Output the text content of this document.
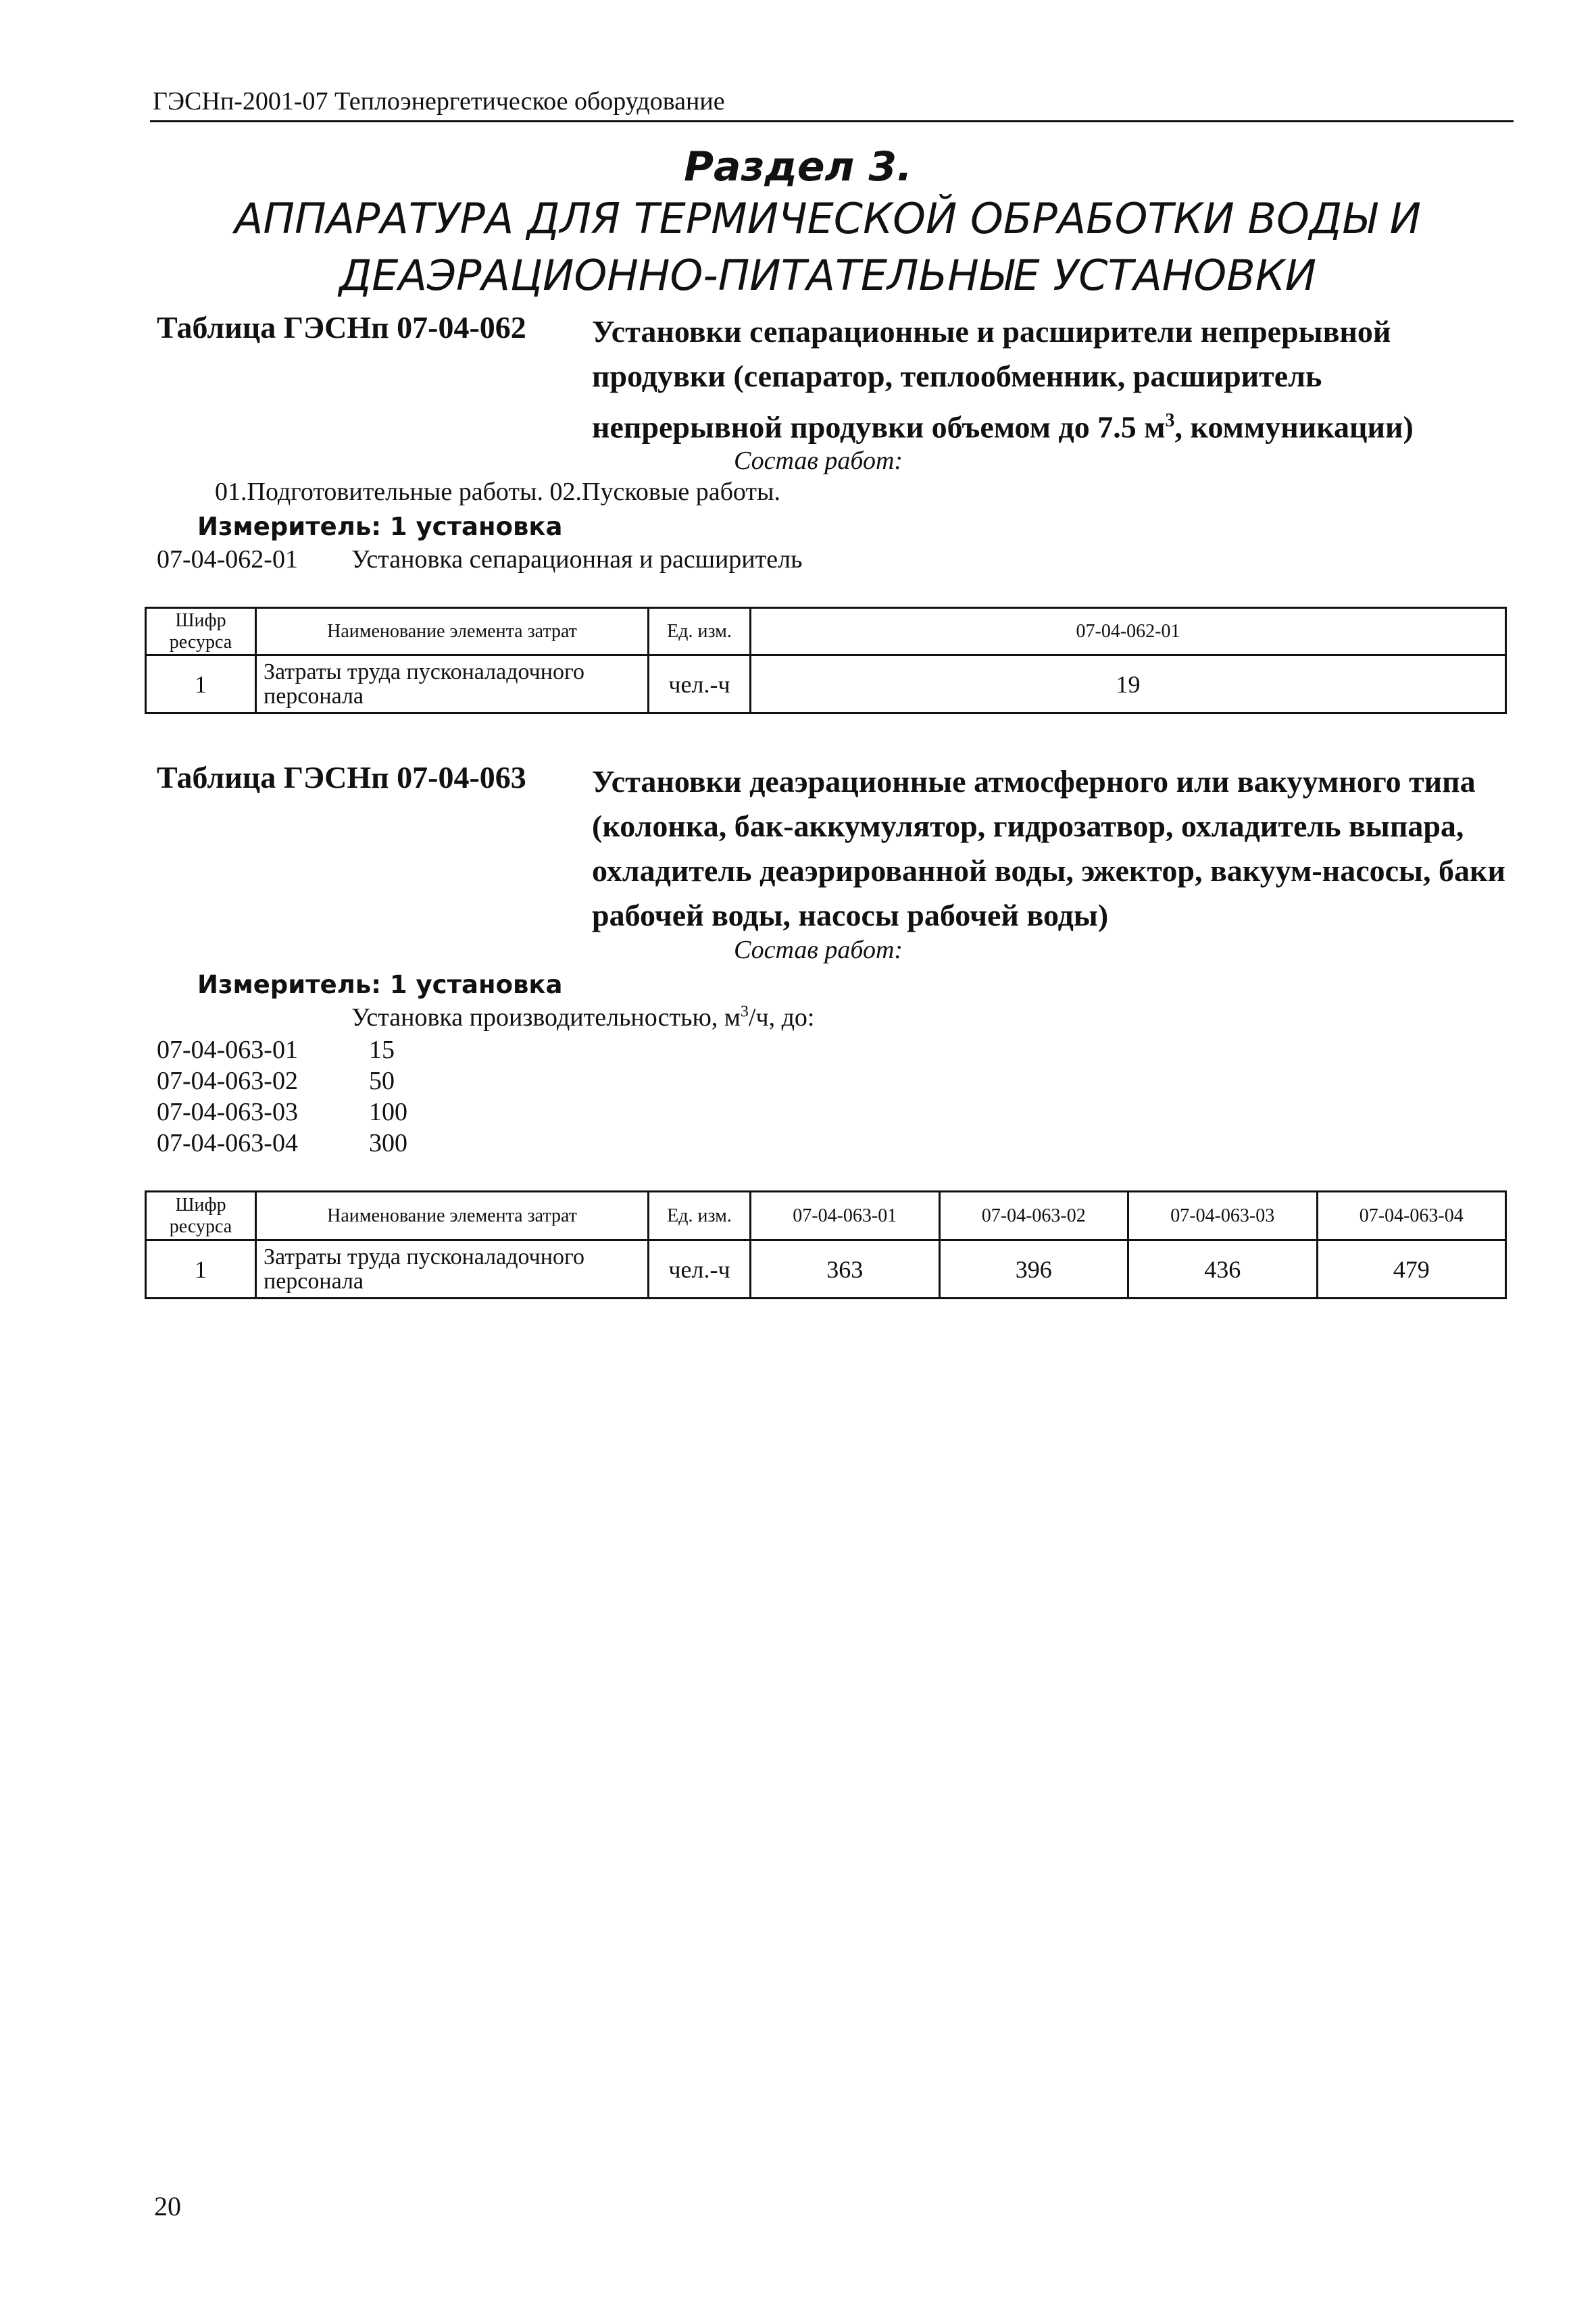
ГЭСНп-2001-07 Теплоэнергетическое оборудование
Раздел 3.
АППАРАТУРА ДЛЯ ТЕРМИЧЕСКОЙ ОБРАБОТКИ ВОДЫ И
ДЕАЭРАЦИОННО-ПИТАТЕЛЬНЫЕ УСТАНОВКИ
Таблица ГЭСНп 07-04-062 Установки сепарационные и расширители непрерывной продувки (сепаратор, теплообменник, расширитель непрерывной продувки объемом до 7.5 $м^3$, коммуникации)
Состав работ:
01.Подготовительные работы. 02.Пусковые работы.
Измеритель: 1 установка
07-04-062-01 Установка сепарационная и расширитель
Шифр ресурса	Наименование элемента затрат	Ед. изм.	07-04-062-01
1	Затраты труда пусконаладочного персонала	чел.-ч	19
Таблица ГЭСНп 07-04-063 Установки деаэрационные атмосферного или вакуумного типа (колонка, бак-аккумулятор, гидрозатвор, охладитель выпара, охладитель деаэрированной воды, эжектор, вакуум-насосы, баки рабочей воды, насосы рабочей воды)
Состав работ:
Измеритель: 1 установка
Установка производительностью, $м^3/ч$, до:
07-04-063-01	15
07-04-063-02	50
07-04-063-03	100
07-04-063-04	300
Шифр ресурса	Наименование элемента затрат	Ед. изм.	07-04-063-01	07-04-063-02	07-04-063-03	07-04-063-04
1	Затраты труда пусконаладочного персонала	чел.-ч	363	396	436	479
20
